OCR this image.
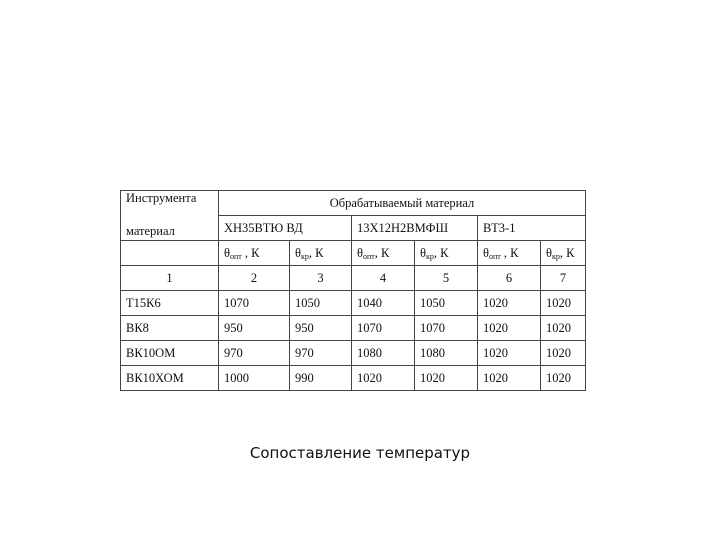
Инструмента
материал	Обрабатываемый материал					
	ХН35ВТЮ ВД		13Х12Н2ВМФШ		ВТ3-1	
	$\theta_{опт}$ , К	$\theta_{кр}$, К	$\theta_{опт}$, К	$\theta_{кр}$, К	$\theta_{опт}$ , К	$\theta_{кр}$, К
1	2	3	4	5	6	7
Т15К6	1070	1050	1040	1050	1020	1020
ВК8	950	950	1070	1070	1020	1020
ВК10ОМ	970	970	1080	1080	1020	1020
ВК10ХОМ	1000	990	1020	1020	1020	1020
Сопоставление температур
